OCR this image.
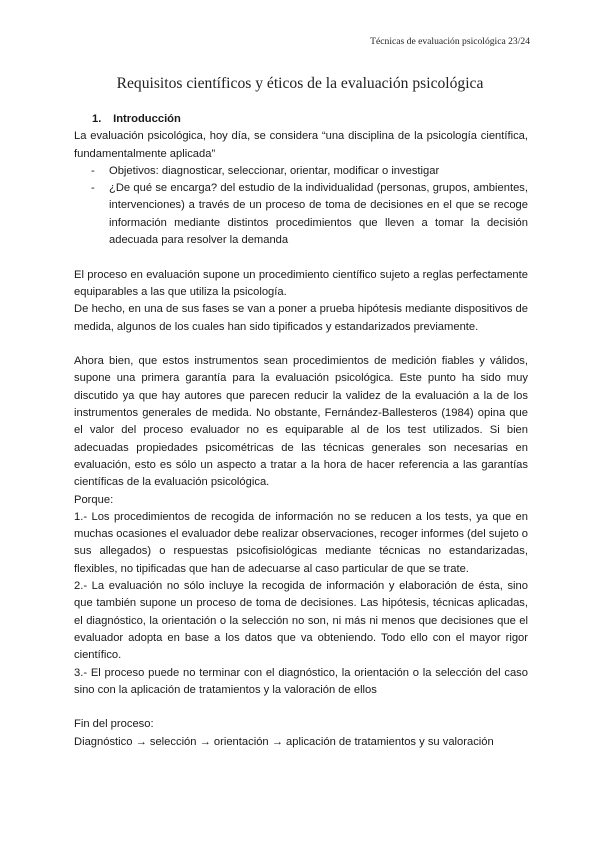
Técnicas de evaluación psicológica 23/24
Requisitos científicos y éticos de la evaluación psicológica
1. Introducción

La evaluación psicológica, hoy día, se considera “una disciplina de la psicología científica, fundamentalmente aplicada”

- Objetivos: diagnosticar, seleccionar, orientar, modificar o investigar
- ¿De qué se encarga? del estudio de la individualidad (personas, grupos, ambientes, intervenciones) a través de un proceso de toma de decisiones en el que se recoge información mediante distintos procedimientos que lleven a tomar la decisión adecuada para resolver la demanda

El proceso en evaluación supone un procedimiento científico sujeto a reglas perfectamente equiparables a las que utiliza la psicología.

De hecho, en una de sus fases se van a poner a prueba hipótesis mediante dispositivos de medida, algunos de los cuales han sido tipificados y estandarizados previamente.

Ahora bien, que estos instrumentos sean procedimientos de medición fiables y válidos, supone una primera garantía para la evaluación psicológica. Este punto ha sido muy discutido ya que hay autores que parecen reducir la validez de la evaluación a la de los instrumentos generales de medida. No obstante, Fernández-Ballesteros (1984) opina que el valor del proceso evaluador no es equiparable al de los test utilizados. Si bien adecuadas propiedades psicométricas de las técnicas generales son necesarias en evaluación, esto es sólo un aspecto a tratar a la hora de hacer referencia a las garantías científicas de la evaluación psicológica.

Porque:

1.- Los procedimientos de recogida de información no se reducen a los tests, ya que en muchas ocasiones el evaluador debe realizar observaciones, recoger informes (del sujeto o sus allegados) o respuestas psicofisiológicas mediante técnicas no estandarizadas, flexibles, no tipificadas que han de adecuarse al caso particular de que se trate.

2.- La evaluación no sólo incluye la recogida de información y elaboración de ésta, sino que también supone un proceso de toma de decisiones. Las hipótesis, técnicas aplicadas, el diagnóstico, la orientación o la selección no son, ni más ni menos que decisiones que el evaluador adopta en base a los datos que va obteniendo. Todo ello con el mayor rigor científico.

3.- El proceso puede no terminar con el diagnóstico, la orientación o la selección del caso sino con la aplicación de tratamientos y la valoración de ellos

Fin del proceso:

Diagnóstico → selección → orientación → aplicación de tratamientos y su valoración
